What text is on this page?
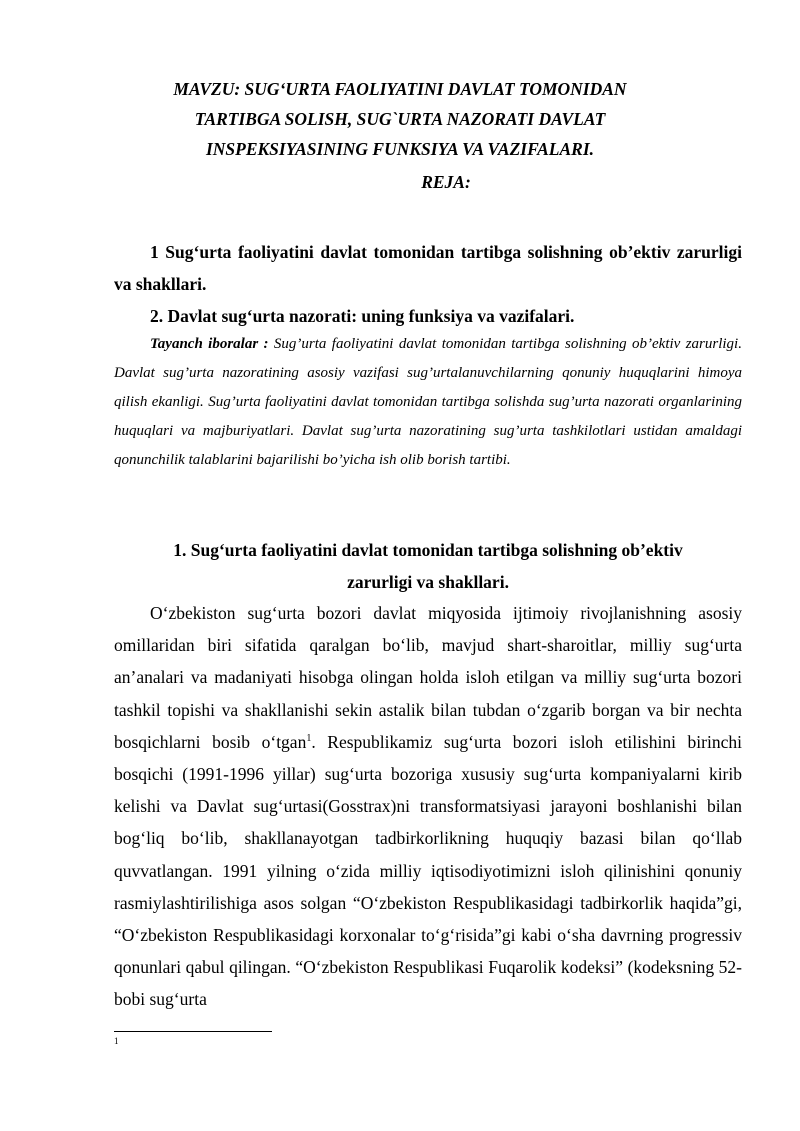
MAVZU: SUG‘URTA FAOLIYATINI DAVLAT TOMONIDAN
TARTIBGA SOLISH, SUG`URTA NAZORATI DAVLAT
INSPEKSIYASINING FUNKSIYA VA VAZIFALARI.
REJA:

1 Sug‘urta faoliyatini davlat tomonidan tartibga solishning ob’ektiv zarurligi va shakllari.

2. Davlat sug‘urta nazorati: uning funksiya va vazifalari.

Tayanch iboralar : Sug’urta faoliyatini davlat tomonidan tartibga solishning ob’ektiv zarurligi. Davlat sug’urta nazoratining asosiy vazifasi sug’urtalanuvchilarning qonuniy huquqlarini himoya qilish ekanligi. Sug’urta faoliyatini davlat tomonidan tartibga solishda sug’urta nazorati organlarining huquqlari va majburiyatlari. Davlat sug’urta nazoratining sug’urta tashkilotlari ustidan amaldagi qonunchilik talablarini bajarilishi bo’yicha ish olib borish tartibi.

1. Sug‘urta faoliyatini davlat tomonidan tartibga solishning ob’ektiv
zarurligi va shakllari.

O‘zbekiston sug‘urta bozori davlat miqyosida ijtimoiy rivojlanishning asosiy omillaridan biri sifatida qaralgan bo‘lib, mavjud shart-sharoitlar, milliy sug‘urta an’analari va madaniyati hisobga olingan holda isloh etilgan va milliy sug‘urta bozori tashkil topishi va shakllanishi sekin astalik bilan tubdan o‘zgarib borgan va bir nechta bosqichlarni bosib o‘tgan$^1$. Respublikamiz sug‘urta bozori isloh etilishini birinchi bosqichi (1991-1996 yillar) sug‘urta bozoriga xususiy sug‘urta kompaniyalarni kirib kelishi va Davlat sug‘urtasi(Gosstrax)ni transformatsiyasi jarayoni boshlanishi bilan bog‘liq bo‘lib, shakllanayotgan tadbirkorlikning huquqiy bazasi bilan qo‘llab quvvatlangan. 1991 yilning o‘zida milliy iqtisodiyotimizni isloh qilinishini qonuniy rasmiylashtirilishiga asos solgan “O‘zbekiston Respublikasidagi tadbirkorlik haqida”gi, “O‘zbekiston Respublikasidagi korxonalar to‘g‘risida”gi kabi o‘sha davrning progressiv qonunlari qabul qilingan. “O‘zbekiston Respublikasi Fuqarolik kodeksi” (kodeksning 52-bobi sug‘urta

1
